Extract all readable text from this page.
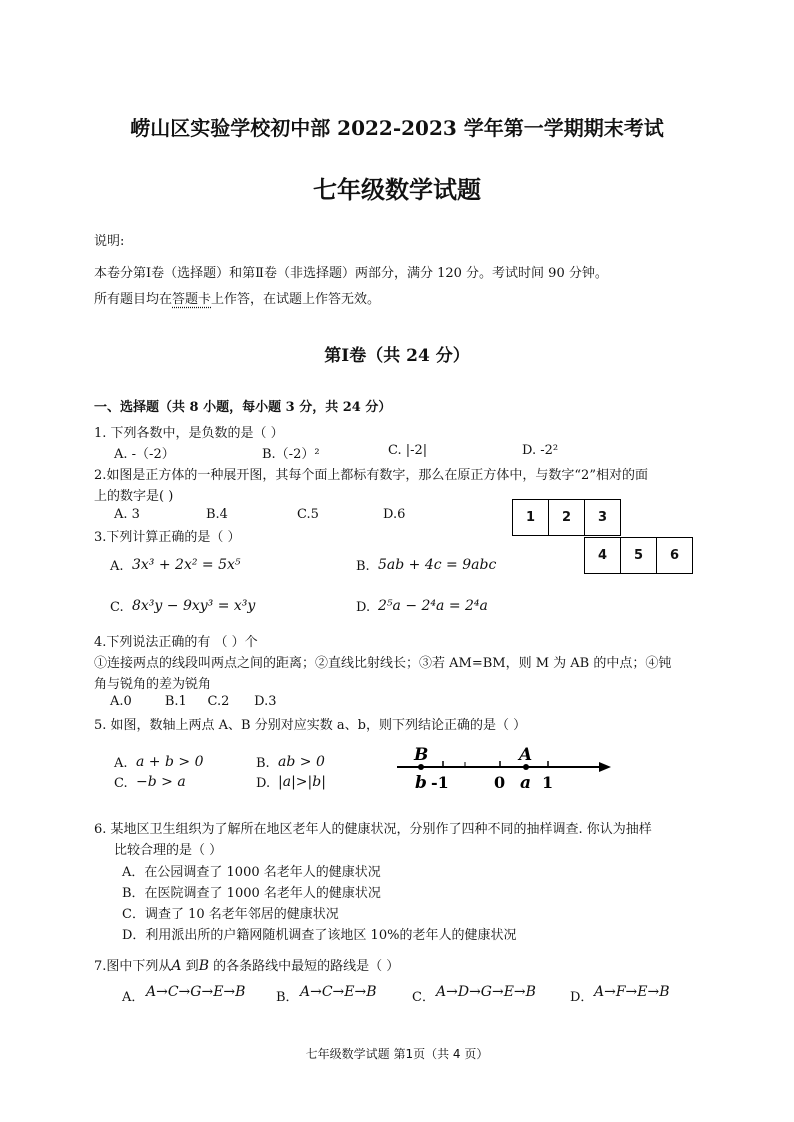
崂山区实验学校初中部 2022-2023 学年第一学期期末考试
七年级数学试题
说明:
本卷分第Ⅰ卷（选择题）和第Ⅱ卷（非选择题）两部分，满分 120 分。考试时间 90 分钟。
所有题目均在答题卡上作答，在试题上作答无效。
第Ⅰ卷（共 24 分）
一、选择题（共 8 小题，每小题 3 分，共 24 分）
1. 下列各数中，是负数的是（ ）
A. -（-2）	B.（-2）²	C. |-2|	D. -2²
2.如图是正方体的一种展开图，其每个面上都标有数字，那么在原正方体中，与数字“2”相对的面
上的数字是( )
A. 3	B.4	C.5	D.6	1	2	3
4	5	6
3.下列计算正确的是（ ）
A. 3x³ + 2x² = 5x⁵	B. 5ab + 4c = 9abc
C. 8x³y − 9xy³ = x³y	D. 2⁵a − 2⁴a = 2⁴a
4.下列说法正确的有 （ ）个
①连接两点的线段叫两点之间的距离；②直线比射线长；③若 AM=BM，则 M 为 AB 的中点；④钝
角与锐角的差为锐角
A.0        B.1     C.2      D.3
5. 如图，数轴上两点 A、B 分别对应实数 a、b，则下列结论正确的是（ ）
A. a + b > 0	B. ab > 0
C. −b > a	D. |a|>|b|
B	A
b -1	0 a 1
6. 某地区卫生组织为了解所在地区老年人的健康状况，分别作了四种不同的抽样调查. 你认为抽样
比较合理的是（ ）
A．在公园调查了 1000 名老年人的健康状况
B．在医院调查了 1000 名老年人的健康状况
C．调查了 10 名老年邻居的健康状况
D．利用派出所的户籍网随机调查了该地区 10%的老年人的健康状况
7.图中下列从A 到B 的各条路线中最短的路线是（ ）
A． A→C→G→E→B B． A→C→E→B	C． A→D→G→E→B	D． A→F→E→B
七年级数学试题 第1页（共 4 页）
